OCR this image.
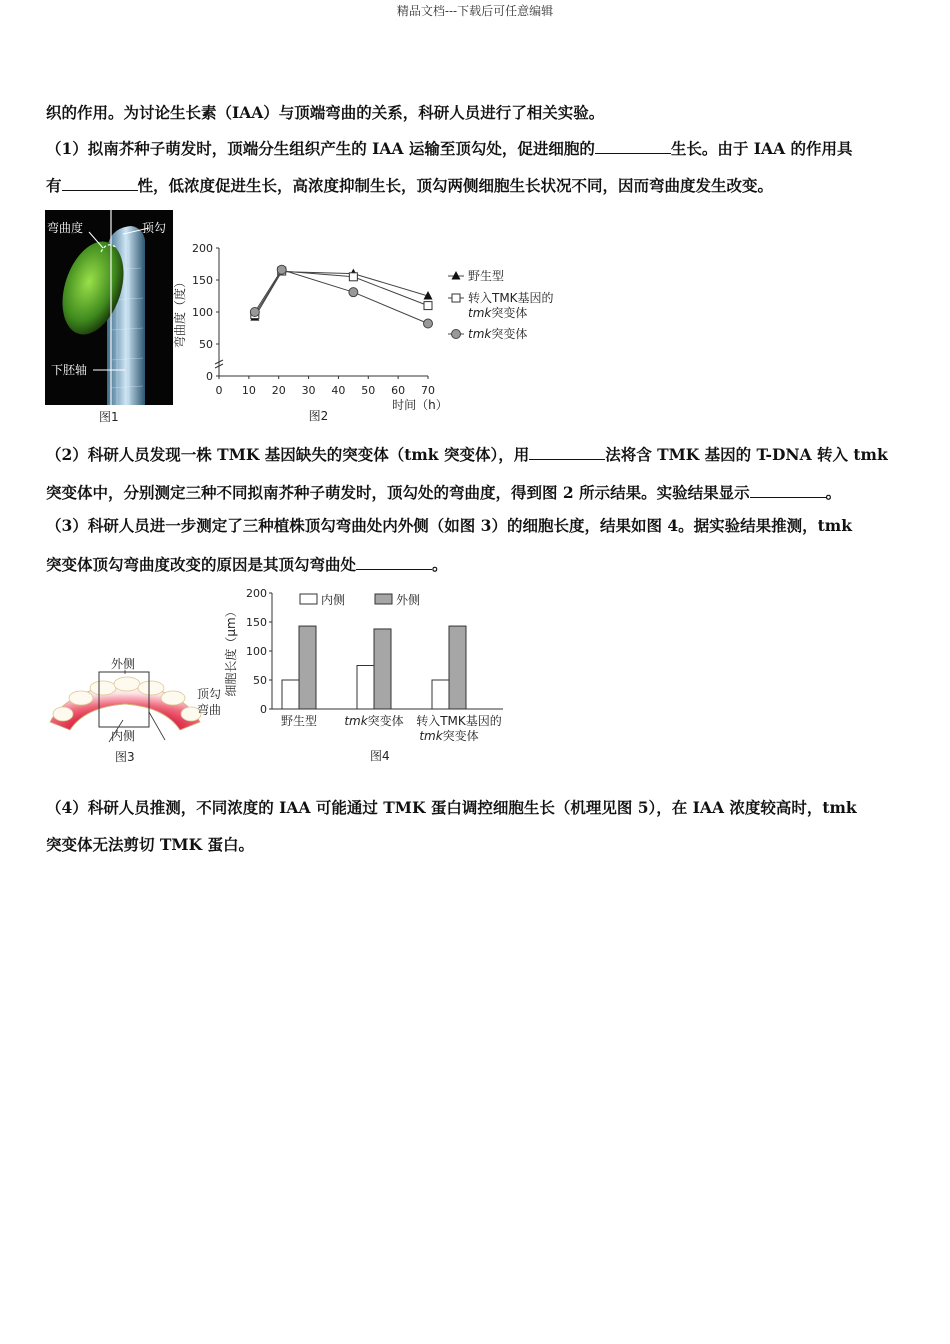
精品文档---下载后可任意编辑
织的作用。为讨论生长素（IAA）与顶端弯曲的关系，科研人员进行了相关实验。
（1）拟南芥种子萌发时，顶端分生组织产生的 IAA 运输至顶勾处，促进细胞的	生长。由于 IAA 的作用具
有	性，低浓度促进生长，高浓度抑制生长，顶勾两侧细胞生长状况不同，因而弯曲度发生改变。
弯曲度	顶勾
下胚轴
图1
0
50
100
150
200
0 10 20 30 40 50 60 70
弯曲度（度）
时间（h）
图2
野生型
转入TMK基因的
tmk突变体
tmk突变体
（2）科研人员发现一株 TMK 基因缺失的突变体（tmk 突变体），用	法将含 TMK 基因的 T-DNA 转入 tmk
突变体中，分别测定三种不同拟南芥种子萌发时，顶勾处的弯曲度，得到图 2 所示结果。实验结果显示	。
（3）科研人员进一步测定了三种植株顶勾弯曲处内外侧（如图 3）的细胞长度，结果如图 4。据实验结果推测，tmk
突变体顶勾弯曲度改变的原因是其顶勾弯曲处	。
外侧
内侧
顶勾
弯曲
图3
0
50
100
150
200
细胞长度（μm）
野生型 tmk突变体 转入TMK基因的
tmk突变体
内侧	外侧
图4
（4）科研人员推测，不同浓度的 IAA 可能通过 TMK 蛋白调控细胞生长（机理见图 5），在 IAA 浓度较高时，tmk
突变体无法剪切 TMK 蛋白。
